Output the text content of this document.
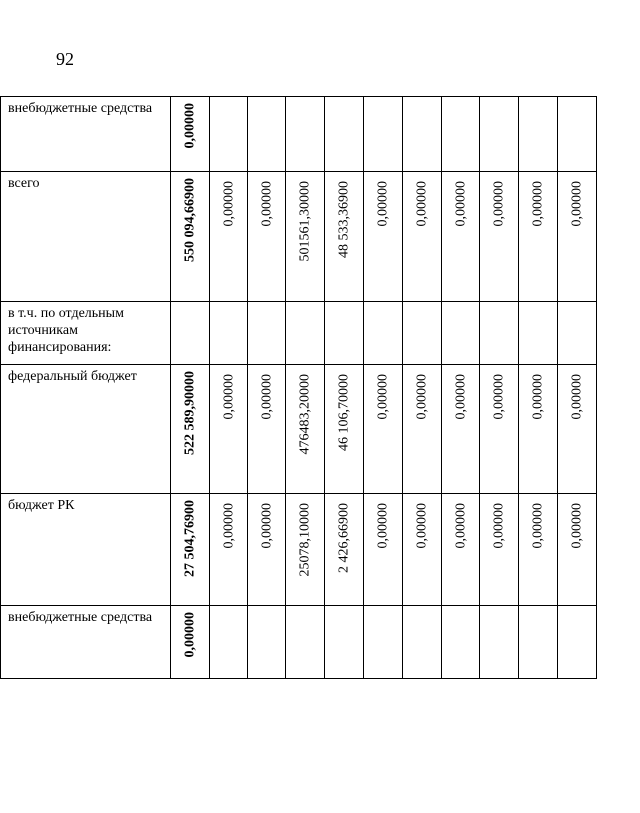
92
внебюджетные средства	0,00000										

всего	550 094,66900	0,00000	0,00000	501561,30000	48 533,36900	0,00000	0,00000	0,00000	0,00000	0,00000	0,00000

в т.ч. по отдельным источникам финансирования:											
федеральный бюджет	522 589,90000	0,00000	0,00000	476483,20000	46 106,70000	0,00000	0,00000	0,00000	0,00000	0,00000	0,00000

бюджет РК	27 504,76900	0,00000	0,00000	25078,10000	2 426,66900	0,00000	0,00000	0,00000	0,00000	0,00000	0,00000

внебюджетные средства	0,00000										
